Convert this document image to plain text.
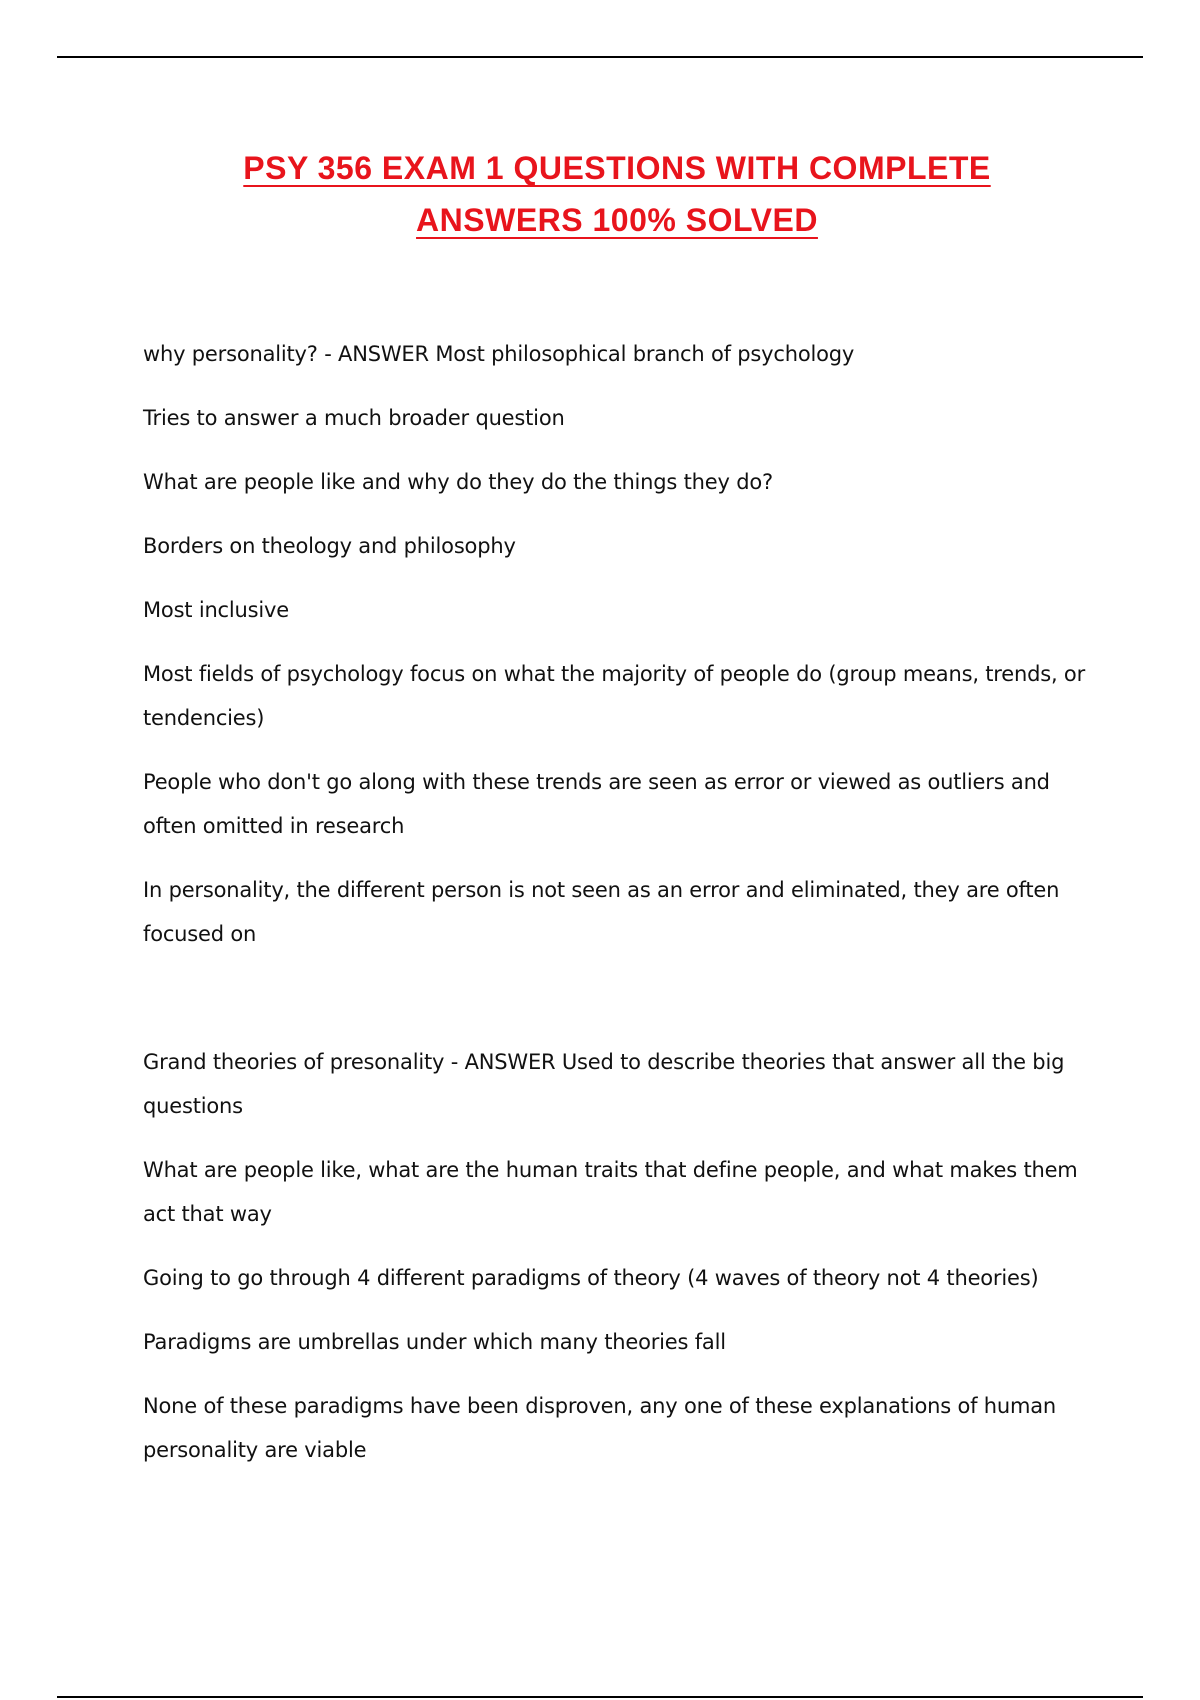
PSY 356 EXAM 1 QUESTIONS WITH COMPLETE
ANSWERS 100% SOLVED

why personality? - ANSWER Most philosophical branch of psychology

Tries to answer a much broader question

What are people like and why do they do the things they do?

Borders on theology and philosophy

Most inclusive

Most fields of psychology focus on what the majority of people do (group means, trends, or tendencies)

People who don't go along with these trends are seen as error or viewed as outliers and often omitted in research

In personality, the different person is not seen as an error and eliminated, they are often focused on

Grand theories of presonality - ANSWER Used to describe theories that answer all the big questions

What are people like, what are the human traits that define people, and what makes them act that way

Going to go through 4 different paradigms of theory (4 waves of theory not 4 theories)

Paradigms are umbrellas under which many theories fall

None of these paradigms have been disproven, any one of these explanations of human personality are viable
